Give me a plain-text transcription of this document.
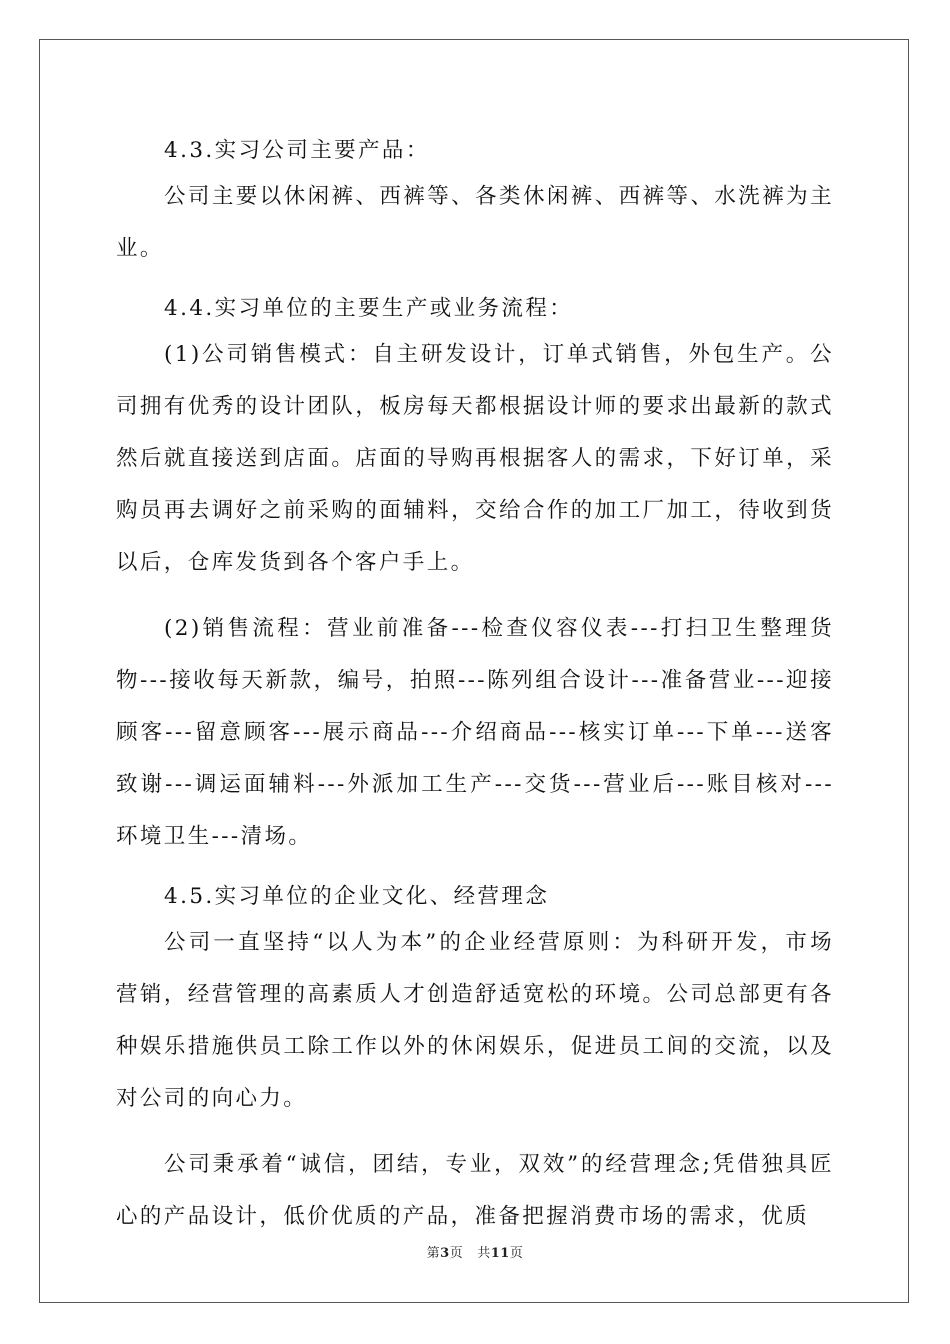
4.3.实习公司主要产品：

公司主要以休闲裤、西裤等、各类休闲裤、西裤等、水洗裤为主业。

4.4.实习单位的主要生产或业务流程：

(1)公司销售模式：自主研发设计，订单式销售，外包生产。公司拥有优秀的设计团队，板房每天都根据设计师的要求出最新的款式然后就直接送到店面。店面的导购再根据客人的需求，下好订单，采购员再去调好之前采购的面辅料，交给合作的加工厂加工，待收到货以后，仓库发货到各个客户手上。

(2)销售流程：营业前准备---检查仪容仪表---打扫卫生整理货物---接收每天新款，编号，拍照---陈列组合设计---准备营业---迎接顾客---留意顾客---展示商品---介绍商品---核实订单---下单---送客致谢---调运面辅料---外派加工生产---交货---营业后---账目核对---环境卫生---清场。

4.5.实习单位的企业文化、经营理念

公司一直坚持“以人为本”的企业经营原则：为科研开发，市场营销，经营管理的高素质人才创造舒适宽松的环境。公司总部更有各种娱乐措施供员工除工作以外的休闲娱乐，促进员工间的交流，以及对公司的向心力。

公司秉承着“诚信，团结，专业，双效”的经营理念;凭借独具匠心的产品设计，低价优质的产品，准备把握消费市场的需求，优质

第3页 共11页
